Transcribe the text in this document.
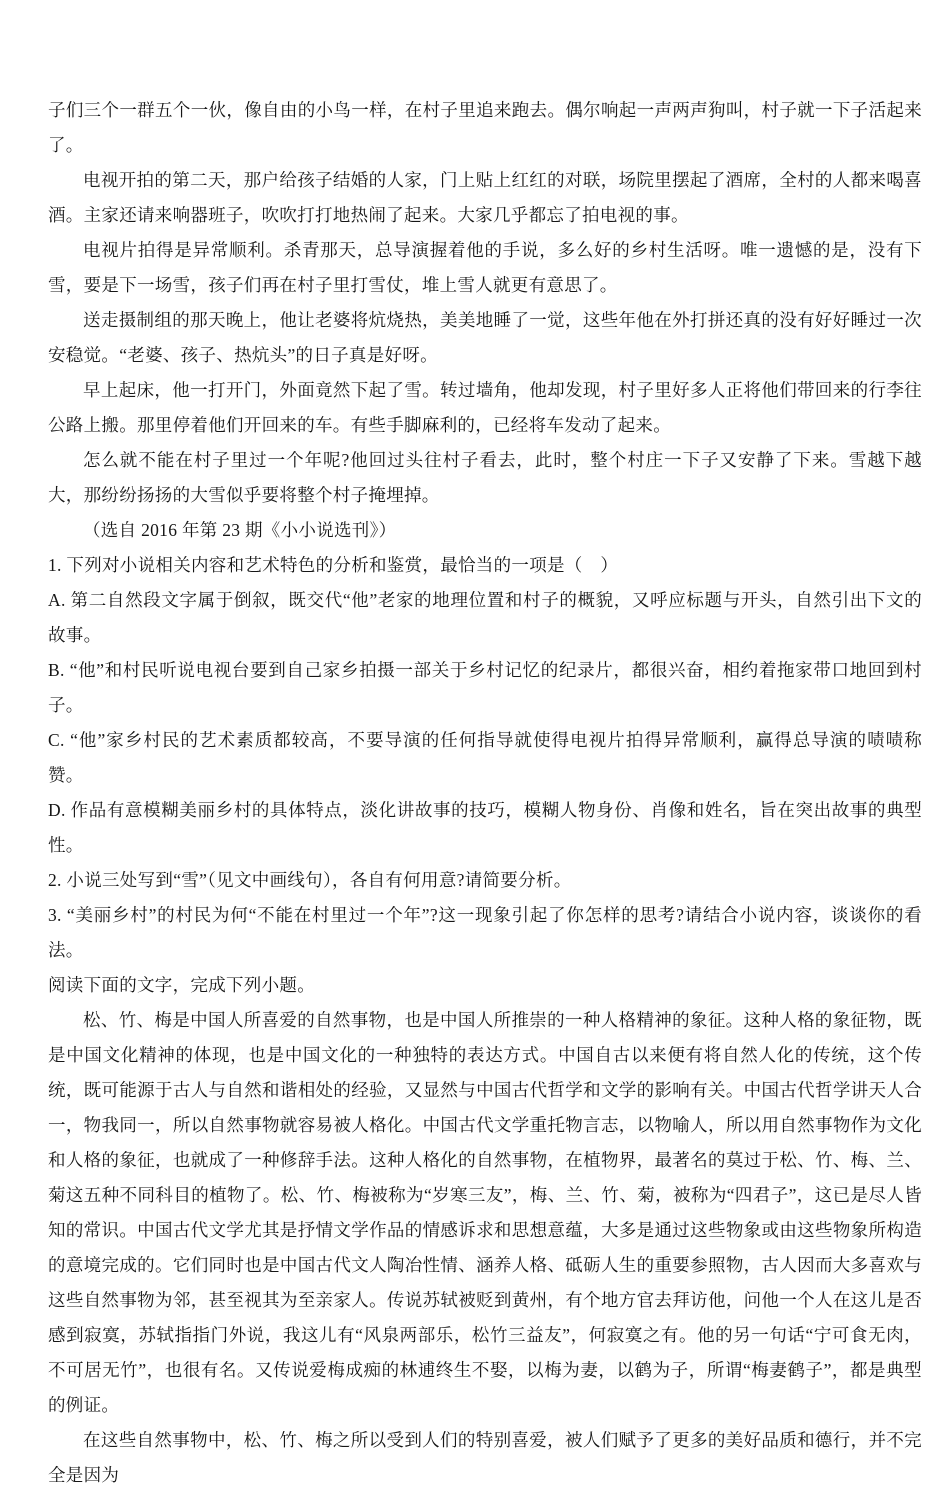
子们三个一群五个一伙，像自由的小鸟一样，在村子里追来跑去。偶尔响起一声两声狗叫，村子就一下子活起来了。

电视开拍的第二天，那户给孩子结婚的人家，门上贴上红红的对联，场院里摆起了酒席，全村的人都来喝喜酒。主家还请来响器班子，吹吹打打地热闹了起来。大家几乎都忘了拍电视的事。

电视片拍得是异常顺利。杀青那天，总导演握着他的手说，多么好的乡村生活呀。唯一遗憾的是，没有下雪，要是下一场雪，孩子们再在村子里打雪仗，堆上雪人就更有意思了。

送走摄制组的那天晚上，他让老婆将炕烧热，美美地睡了一觉，这些年他在外打拼还真的没有好好睡过一次安稳觉。“老婆、孩子、热炕头”的日子真是好呀。

早上起床，他一打开门，外面竟然下起了雪。转过墙角，他却发现，村子里好多人正将他们带回来的行李往公路上搬。那里停着他们开回来的车。有些手脚麻利的，已经将车发动了起来。

怎么就不能在村子里过一个年呢?他回过头往村子看去，此时，整个村庄一下子又安静了下来。雪越下越大，那纷纷扬扬的大雪似乎要将整个村子掩埋掉。

（选自 2016 年第 23 期《小小说选刊》）

1. 下列对小说相关内容和艺术特色的分析和鉴赏，最恰当的一项是（　）

A. 第二自然段文字属于倒叙，既交代“他”老家的地理位置和村子的概貌，又呼应标题与开头，自然引出下文的故事。

B. “他”和村民听说电视台要到自己家乡拍摄一部关于乡村记忆的纪录片，都很兴奋，相约着拖家带口地回到村子。

C. “他”家乡村民的艺术素质都较高，不要导演的任何指导就使得电视片拍得异常顺利，赢得总导演的啧啧称赞。

D. 作品有意模糊美丽乡村的具体特点，淡化讲故事的技巧，模糊人物身份、肖像和姓名，旨在突出故事的典型性。

2. 小说三处写到“雪”（见文中画线句），各自有何用意?请简要分析。

3. “美丽乡村”的村民为何“不能在村里过一个年”?这一现象引起了你怎样的思考?请结合小说内容，谈谈你的看法。

阅读下面的文字，完成下列小题。

松、竹、梅是中国人所喜爱的自然事物，也是中国人所推崇的一种人格精神的象征。这种人格的象征物，既是中国文化精神的体现，也是中国文化的一种独特的表达方式。中国自古以来便有将自然人化的传统，这个传统，既可能源于古人与自然和谐相处的经验，又显然与中国古代哲学和文学的影响有关。中国古代哲学讲天人合一，物我同一，所以自然事物就容易被人格化。中国古代文学重托物言志，以物喻人，所以用自然事物作为文化和人格的象征，也就成了一种修辞手法。这种人格化的自然事物，在植物界，最著名的莫过于松、竹、梅、兰、菊这五种不同科目的植物了。松、竹、梅被称为“岁寒三友”，梅、兰、竹、菊，被称为“四君子”，这已是尽人皆知的常识。中国古代文学尤其是抒情文学作品的情感诉求和思想意蕴，大多是通过这些物象或由这些物象所构造的意境完成的。它们同时也是中国古代文人陶冶性情、涵养人格、砥砺人生的重要参照物，古人因而大多喜欢与这些自然事物为邻，甚至视其为至亲家人。传说苏轼被贬到黄州，有个地方官去拜访他，问他一个人在这儿是否感到寂寞，苏轼指指门外说，我这儿有“风泉两部乐，松竹三益友”，何寂寞之有。他的另一句话“宁可食无肉，不可居无竹”，也很有名。又传说爱梅成痴的林逋终生不娶，以梅为妻，以鹤为子，所谓“梅妻鹤子”，都是典型的例证。

在这些自然事物中，松、竹、梅之所以受到人们的特别喜爱，被人们赋予了更多的美好品质和德行，并不完全是因为
